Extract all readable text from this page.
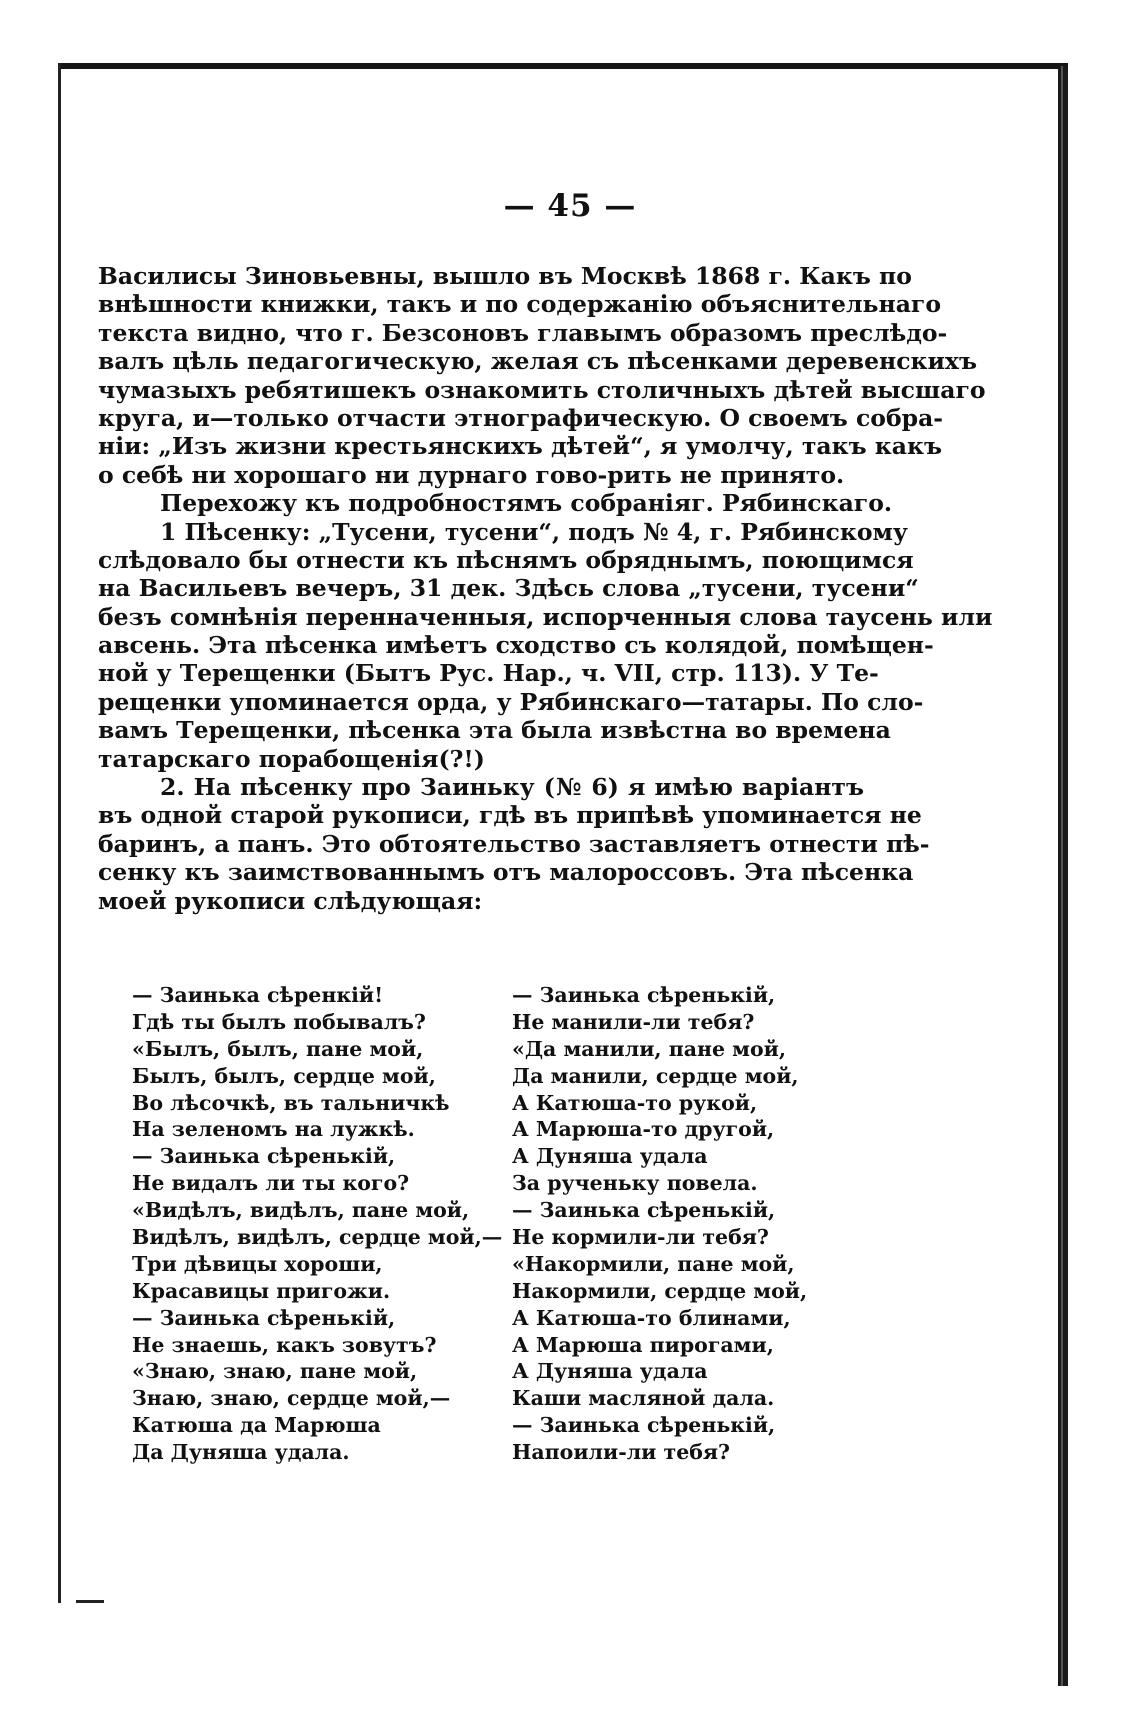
— 45 —
Василисы Зиновьевны, вышло въ Москвѣ 1868 г. Какъ по
внѣшности книжки, такъ и по содержанію объяснительнаго
текста видно, что г. Безсоновъ главымъ образомъ преслѣдо-
валъ цѣль педагогическую, желая съ пѣсенками деревенскихъ
чумазыхъ ребятишекъ ознакомить столичныхъ дѣтей высшаго
круга, и—только отчасти этнографическую. О своемъ собра-
ніи: „Изъ жизни крестьянскихъ дѣтей“, я умолчу, такъ какъ
о себѣ ни хорошаго ни дурнаго гово-рить не принято.
Перехожу къ подробностямъ собраніяг. Рябинскаго.
1 Пѣсенку: „Тусени, тусени“, подъ № 4, г. Рябинскому
слѣдовало бы отнести къ пѣснямъ обряднымъ, поющимся
на Васильевъ вечеръ, 31 дек. Здѣсь слова „тусени, тусени“
безъ сомнѣнія перенначенныя, испорченныя слова таусень или
авсень. Эта пѣсенка имѣетъ сходство съ колядой, помѣщен-
ной у Терещенки (Бытъ Рус. Нар., ч. VII, стр. 113). У Те-
рещенки упоминается орда, у Рябинскаго—татары. По сло-
вамъ Терещенки, пѣсенка эта была извѣстна во времена
татарскаго порабощенія(?!)
2. На пѣсенку про Заиньку (№ 6) я имѣю варіантъ
въ одной старой рукописи, гдѣ въ припѣвѣ упоминается не
баринъ, а панъ. Это обтоятельство заставляетъ отнести пѣ-
сенку къ заимствованнымъ отъ малороссовъ. Эта пѣсенка
моей рукописи слѣдующая:
— Заинька сѣренкій!
Гдѣ ты былъ побывалъ?
«Былъ, былъ, пане мой,
Былъ, былъ, сердце мой,
Во лѣсочкѣ, въ тальничкѣ
На зеленомъ на лужкѣ.
— Заинька сѣренькій,
Не видалъ ли ты кого?
«Видѣлъ, видѣлъ, пане мой,
Видѣлъ, видѣлъ, сердце мой,—
Три дѣвицы хороши,
Красавицы пригожи.
— Заинька сѣренькій,
Не знаешь, какъ зовутъ?
«Знаю, знаю, пане мой,
Знаю, знаю, сердце мой,—
Катюша да Марюша
Да Дуняша удала.
— Заинька сѣренькій,
Не манили-ли тебя?
«Да манили, пане мой,
Да манили, сердце мой,
А Катюша-то рукой,
А Марюша-то другой,
А Дуняша удала
За рученьку повела.
— Заинька сѣренькій,
Не кормили-ли тебя?
«Накормили, пане мой,
Накормили, сердце мой,
А Катюша-то блинами,
А Марюша пирогами,
А Дуняша удала
Каши масляной дала.
— Заинька сѣренькій,
Напоили-ли тебя?
